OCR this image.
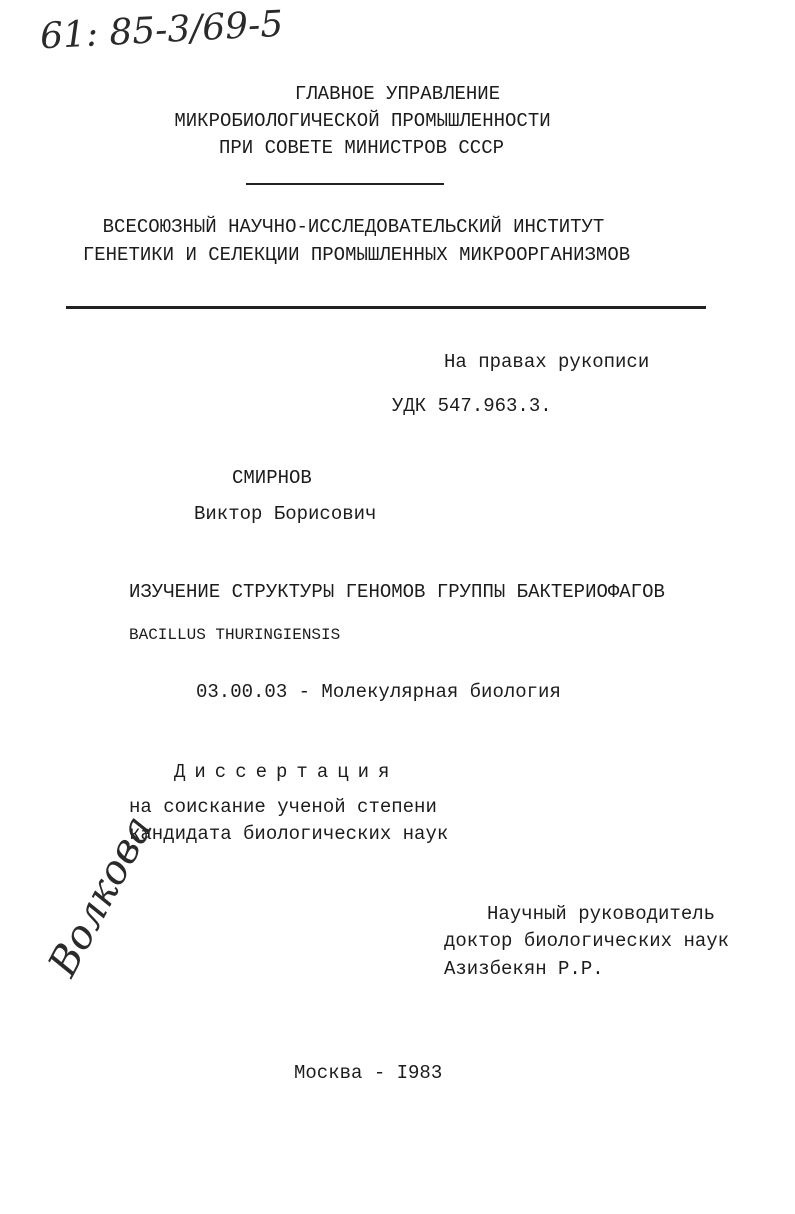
61: 85-3/69-5
ГЛАВНОЕ УПРАВЛЕНИЕ
МИКРОБИОЛОГИЧЕСКОЙ ПРОМЫШЛЕННОСТИ
ПРИ СОВЕТЕ МИНИСТРОВ СССР
ВСЕСОЮЗНЫЙ НАУЧНО-ИССЛЕДОВАТЕЛЬСКИЙ ИНСТИТУТ
ГЕНЕТИКИ И СЕЛЕКЦИИ ПРОМЫШЛЕННЫХ МИКРООРГАНИЗМОВ
На правах рукописи
УДК 547.963.3.
СМИРНОВ
Виктор Борисович
ИЗУЧЕНИЕ СТРУКТУРЫ ГЕНОМОВ ГРУППЫ БАКТЕРИОФАГОВ
BACILLUS THURINGIENSIS
03.00.03 - Молекулярная биология
Диссертация
на соискание ученой степени
кандидата биологических наук
Научный руководитель
доктор биологических наук
Азизбекян Р.Р.
Волкова
Москва - I983
